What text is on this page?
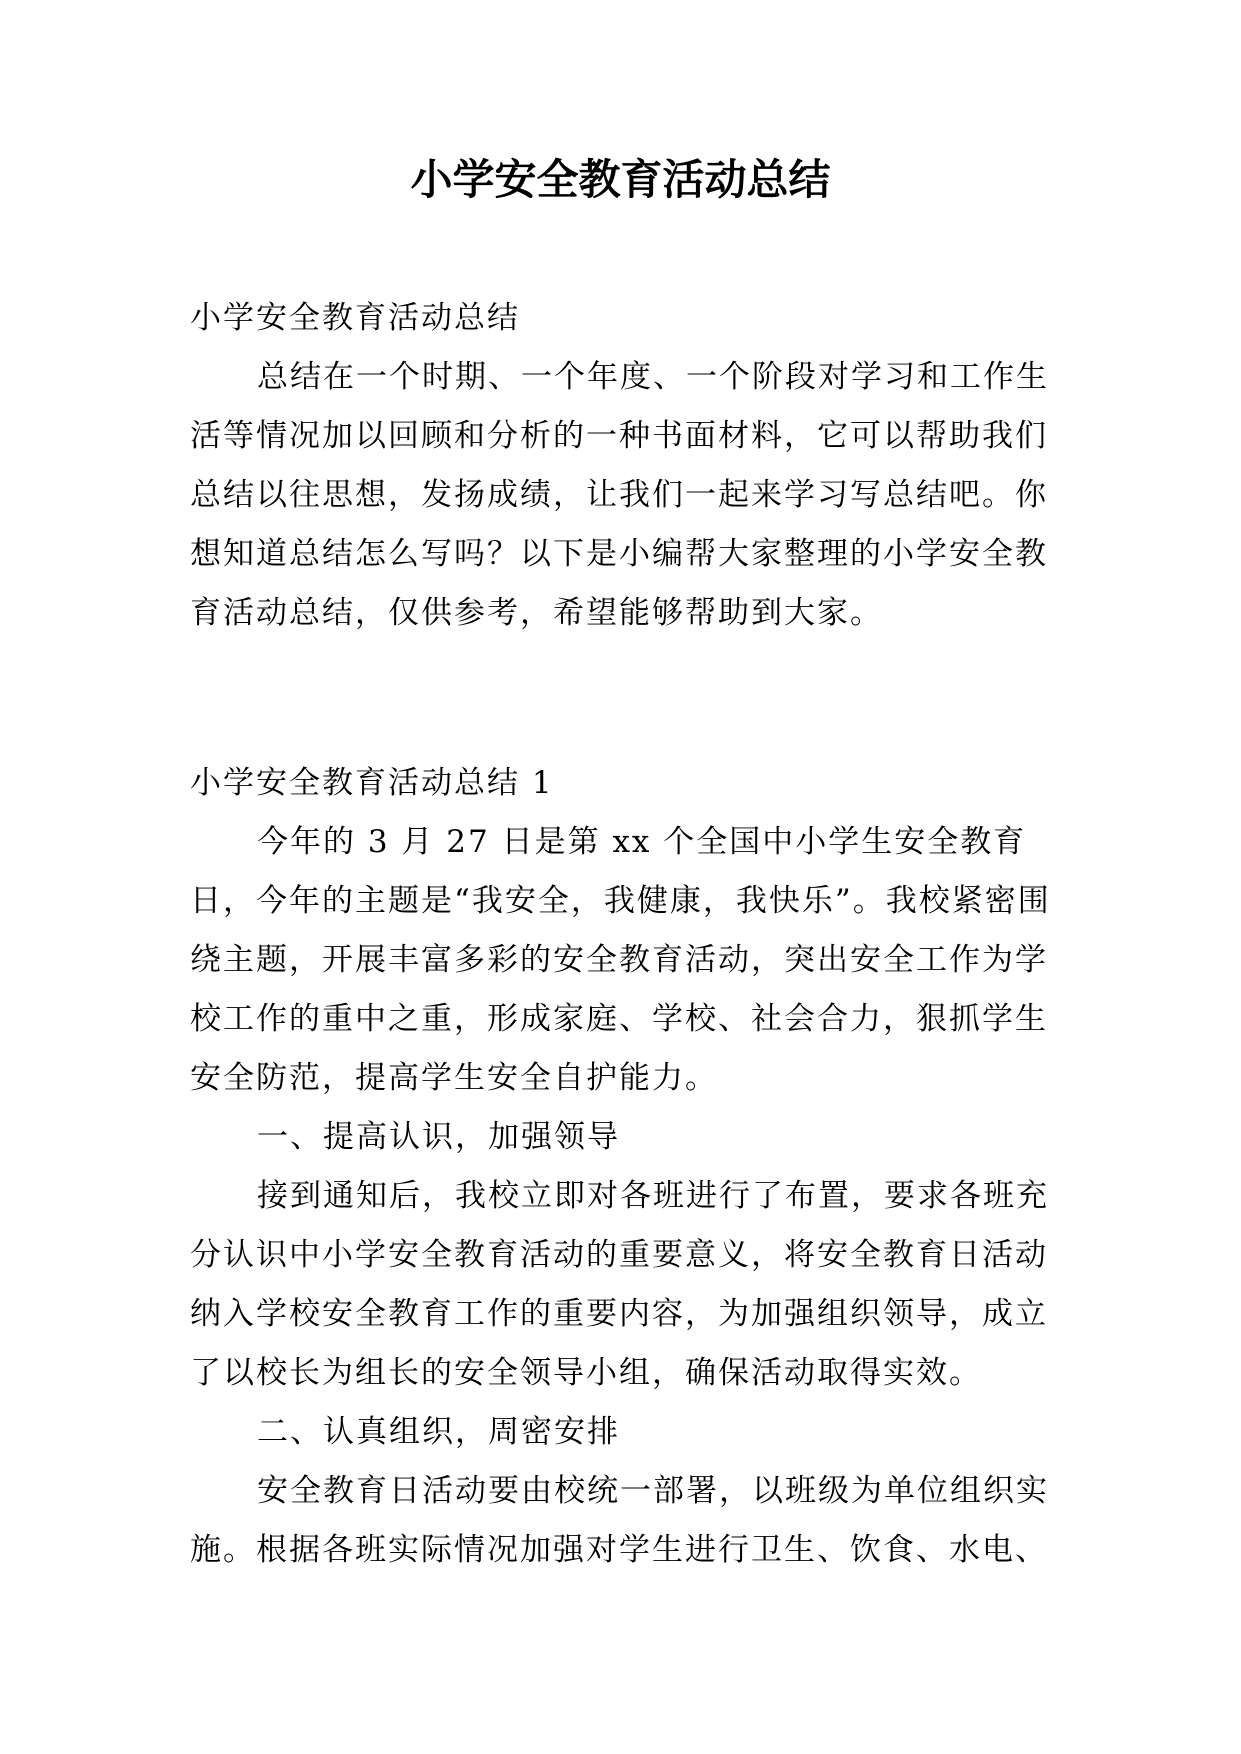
小学安全教育活动总结

小学安全教育活动总结

总结在一个时期、一个年度、一个阶段对学习和工作生活等情况加以回顾和分析的一种书面材料，它可以帮助我们总结以往思想，发扬成绩，让我们一起来学习写总结吧。你想知道总结怎么写吗？以下是小编帮大家整理的小学安全教育活动总结，仅供参考，希望能够帮助到大家。

小学安全教育活动总结 1

今年的 3 月 27 日是第 xx 个全国中小学生安全教育日，今年的主题是“我安全，我健康，我快乐”。我校紧密围绕主题，开展丰富多彩的安全教育活动，突出安全工作为学校工作的重中之重，形成家庭、学校、社会合力，狠抓学生安全防范，提高学生安全自护能力。

一、提高认识，加强领导

接到通知后，我校立即对各班进行了布置，要求各班充分认识中小学安全教育活动的重要意义，将安全教育日活动纳入学校安全教育工作的重要内容，为加强组织领导，成立了以校长为组长的安全领导小组，确保活动取得实效。

二、认真组织，周密安排

安全教育日活动要由校统一部署，以班级为单位组织实施。根据各班实际情况加强对学生进行卫生、饮食、水电、
